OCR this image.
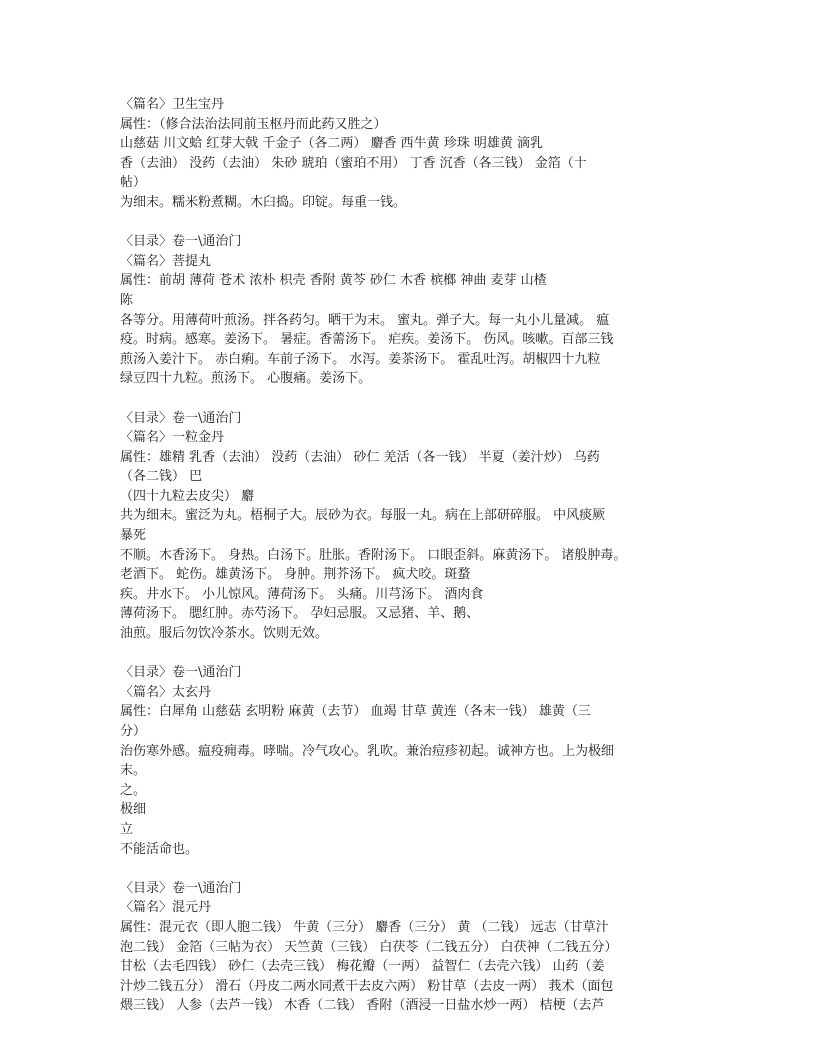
〈篇名〉卫生宝丹
属性：（修合法治法同前玉枢丹而此药又胜之）
山慈菇 川文蛤 红芽大戟 千金子（各二两） 麝香 西牛黄 珍珠 明雄黄 滴乳
香（去油） 没药（去油） 朱砂 琥珀（蜜珀不用） 丁香 沉香（各三钱） 金箔（十
帖）
为细末。糯米粉煮糊。木臼捣。印锭。每重一钱。
〈目录〉卷一\通治门
〈篇名〉菩提丸
属性：前胡 薄荷 苍术 浓朴 枳壳 香附 黄芩 砂仁 木香 槟榔 神曲 麦芽 山楂
陈
各等分。用薄荷叶煎汤。拌各药匀。晒干为末。 蜜丸。弹子大。每一丸小儿量减。 瘟
疫。时病。感寒。姜汤下。 暑症。香薷汤下。 疟疾。姜汤下。 伤风。咳嗽。百部三钱
煎汤入姜汁下。 赤白痢。车前子汤下。 水泻。姜茶汤下。 霍乱吐泻。胡椒四十九粒
绿豆四十九粒。煎汤下。 心腹痛。姜汤下。
〈目录〉卷一\通治门
〈篇名〉一粒金丹
属性：雄精 乳香（去油） 没药（去油） 砂仁 羌活（各一钱） 半夏（姜汁炒） 乌药
（各二钱） 巴
（四十九粒去皮尖） 麝
共为细末。蜜泛为丸。梧桐子大。辰砂为衣。每服一丸。病在上部研碎服。 中风痰厥
暴死
不顺。木香汤下。 身热。白汤下。肚胀。香附汤下。 口眼歪斜。麻黄汤下。 诸般肿毒。
老酒下。 蛇伤。雄黄汤下。 身肿。荆芥汤下。 疯犬咬。斑蝥
疾。井水下。 小儿惊风。薄荷汤下。 头痛。川芎汤下。 酒肉食
薄荷汤下。 腮红肿。赤芍汤下。 孕妇忌服。又忌猪、羊、鹅、
油煎。服后勿饮冷茶水。饮则无效。
〈目录〉卷一\通治门
〈篇名〉太玄丹
属性：白犀角 山慈菇 玄明粉 麻黄（去节） 血竭 甘草 黄连（各末一钱） 雄黄（三
分）
治伤寒外感。瘟疫痈毒。哮喘。冷气攻心。乳吹。兼治痘疹初起。诚神方也。上为极细
末。
之。
极细
立
不能活命也。
〈目录〉卷一\通治门
〈篇名〉混元丹
属性：混元衣（即人胞二钱） 牛黄（三分） 麝香（三分） 黄 （二钱） 远志（甘草汁
泡二钱） 金箔（三帖为衣） 天竺黄（三钱） 白茯苓（二钱五分） 白茯神（二钱五分）
甘松（去毛四钱） 砂仁（去壳三钱） 梅花瓣（一两） 益智仁（去壳六钱） 山药（姜
汁炒二钱五分） 滑石（丹皮二两水同煮干去皮六两） 粉甘草（去皮一两） 莪术（面包
煨三钱） 人参（去芦一钱） 木香（二钱） 香附（酒浸一日盐水炒一两） 桔梗（去芦
